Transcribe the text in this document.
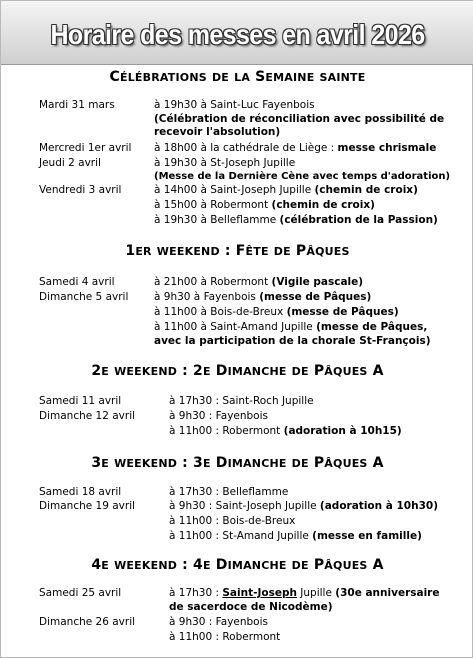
Horaire des messes en avril 2026
CÉLÉBRATIONS DE LA SEMAINE SAINTE
Mardi 31 mars	à 19h30 à Saint-Luc Fayenbois
(Célébration de réconciliation avec possibilité de
recevoir l'absolution)
Mercredi 1er avril à 18h00 à la cathédrale de Liège : messe chrismale
Jeudi 2 avril	à 19h30 à St-Joseph Jupille
(Messe de la Dernière Cène avec temps d'adoration)
Vendredi 3 avril	à 14h00 à Saint-Joseph Jupille (chemin de croix)
à 15h00 à Robermont (chemin de croix)
à 19h30 à Belleflamme (célébration de la Passion)
1ER WEEKEND : FÊTE DE PÂQUES
Samedi 4 avril	à 21h00 à Robermont (Vigile pascale)
Dimanche 5 avril à 9h30 à Fayenbois (messe de Pâques)
à 11h00 à Bois-de-Breux (messe de Pâques)
à 11h00 à Saint-Amand Jupille (messe de Pâques,
avec la participation de la chorale St-François)
2E WEEKEND : 2E DIMANCHE DE PÂQUES A
Samedi 11 avril	à 17h30 : Saint-Roch Jupille
Dimanche 12 avril	à 9h30 : Fayenbois
à 11h00 : Robermont (adoration à 10h15)
3E WEEKEND : 3E DIMANCHE DE PÂQUES A
Samedi 18 avril	à 17h30 : Belleflamme
Dimanche 19 avril	à 9h30 : Saint-Joseph Jupille (adoration à 10h30)
à 11h00 : Bois-de-Breux
à 11h00 : St-Amand Jupille (messe en famille)
4E WEEKEND : 4E DIMANCHE DE PÂQUES A
Samedi 25 avril	à 17h30 : Saint-Joseph Jupille (30e anniversaire
de sacerdoce de Nicodème)
Dimanche 26 avril	à 9h30 : Fayenbois
à 11h00 : Robermont
